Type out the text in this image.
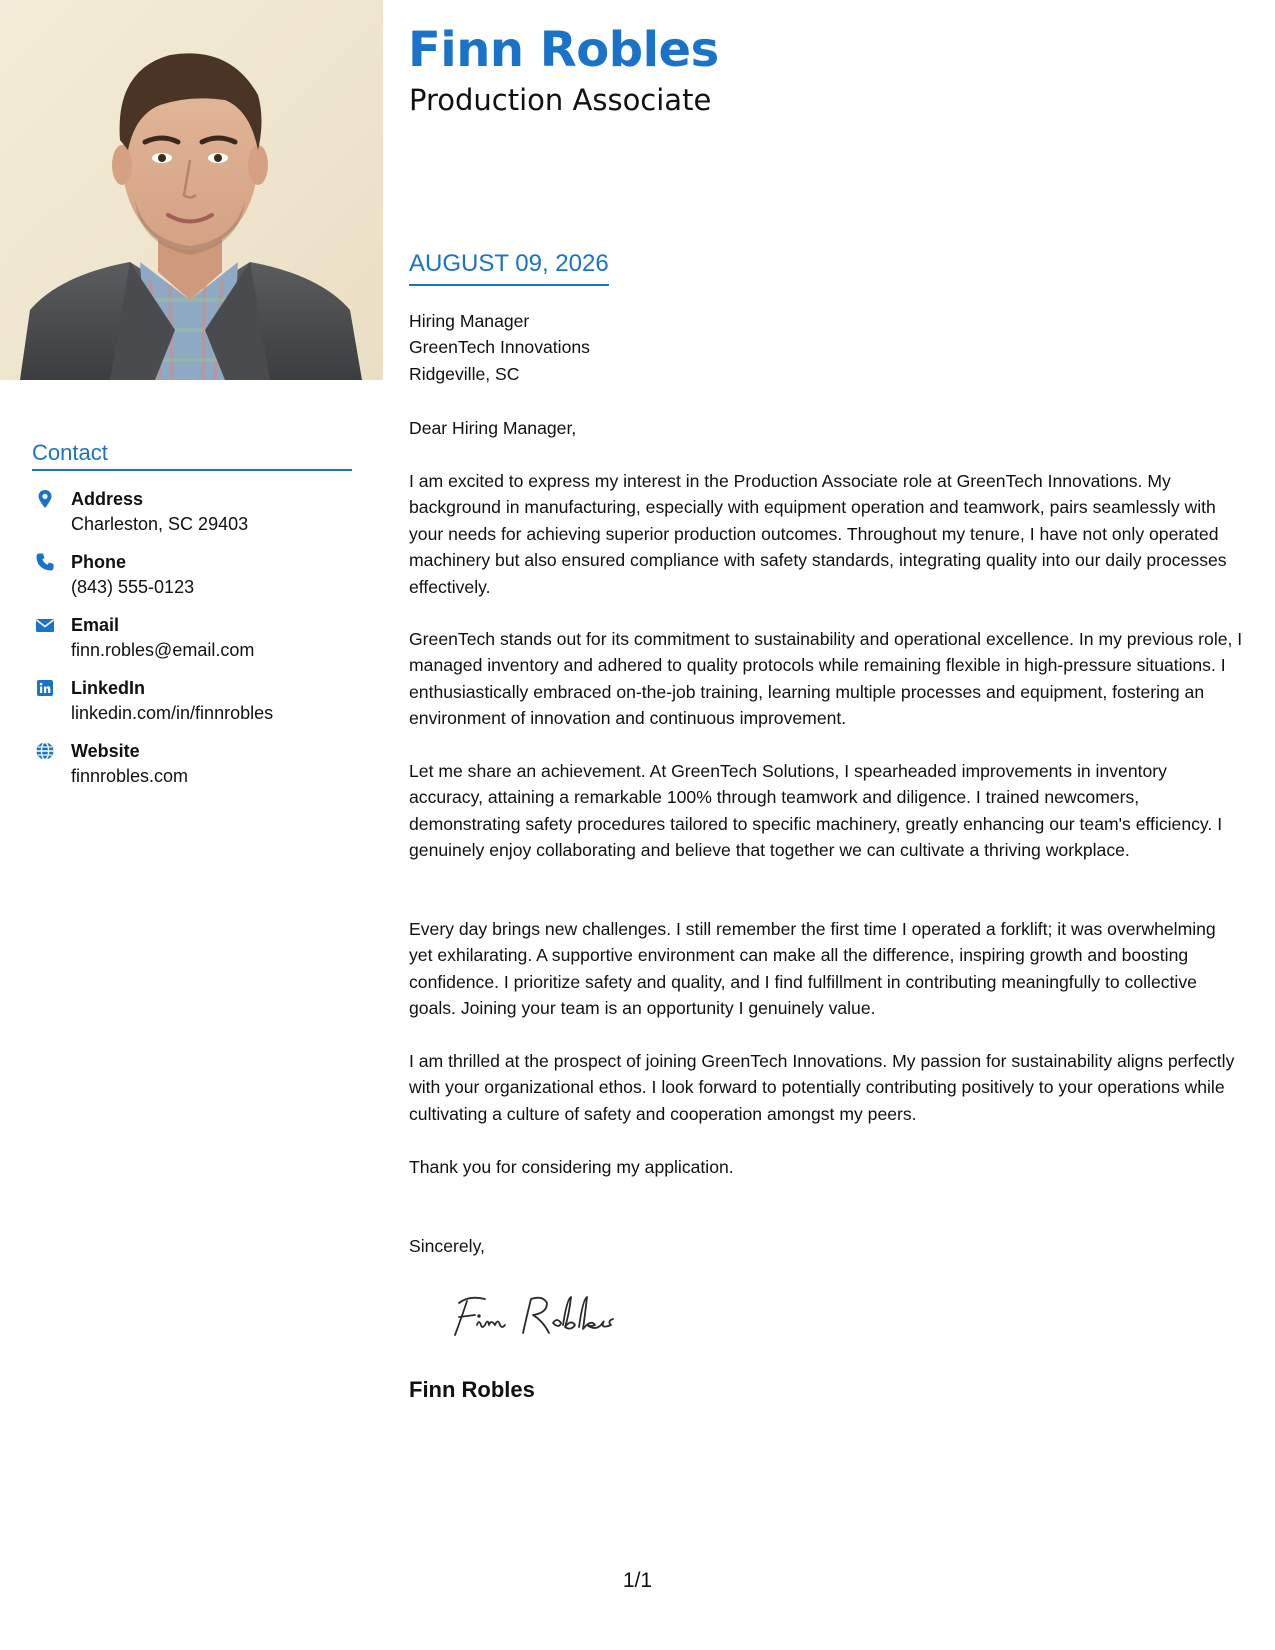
Finn Robles
Production Associate
AUGUST 09, 2026
Contact
Address
Charleston, SC 29403
Phone
(843) 555-0123
Email
finn.robles@email.com
LinkedIn
linkedin.com/in/finnrobles
Website
finnrobles.com
Hiring Manager
GreenTech Innovations
Ridgeville, SC

Dear Hiring Manager,

I am excited to express my interest in the Production Associate role at GreenTech Innovations. My background in manufacturing, especially with equipment operation and teamwork, pairs seamlessly with your needs for achieving superior production outcomes. Throughout my tenure, I have not only operated machinery but also ensured compliance with safety standards, integrating quality into our daily processes effectively.

GreenTech stands out for its commitment to sustainability and operational excellence. In my previous role, I managed inventory and adhered to quality protocols while remaining flexible in high-pressure situations. I enthusiastically embraced on-the-job training, learning multiple processes and equipment, fostering an environment of innovation and continuous improvement.

Let me share an achievement. At GreenTech Solutions, I spearheaded improvements in inventory accuracy, attaining a remarkable 100% through teamwork and diligence. I trained newcomers, demonstrating safety procedures tailored to specific machinery, greatly enhancing our team's efficiency. I genuinely enjoy collaborating and believe that together we can cultivate a thriving workplace.

Every day brings new challenges. I still remember the first time I operated a forklift; it was overwhelming yet exhilarating. A supportive environment can make all the difference, inspiring growth and boosting confidence. I prioritize safety and quality, and I find fulfillment in contributing meaningfully to collective goals. Joining your team is an opportunity I genuinely value.

I am thrilled at the prospect of joining GreenTech Innovations. My passion for sustainability aligns perfectly with your organizational ethos. I look forward to potentially contributing positively to your operations while cultivating a culture of safety and cooperation amongst my peers.

Thank you for considering my application.

Sincerely,

Finn Robles
1/1
